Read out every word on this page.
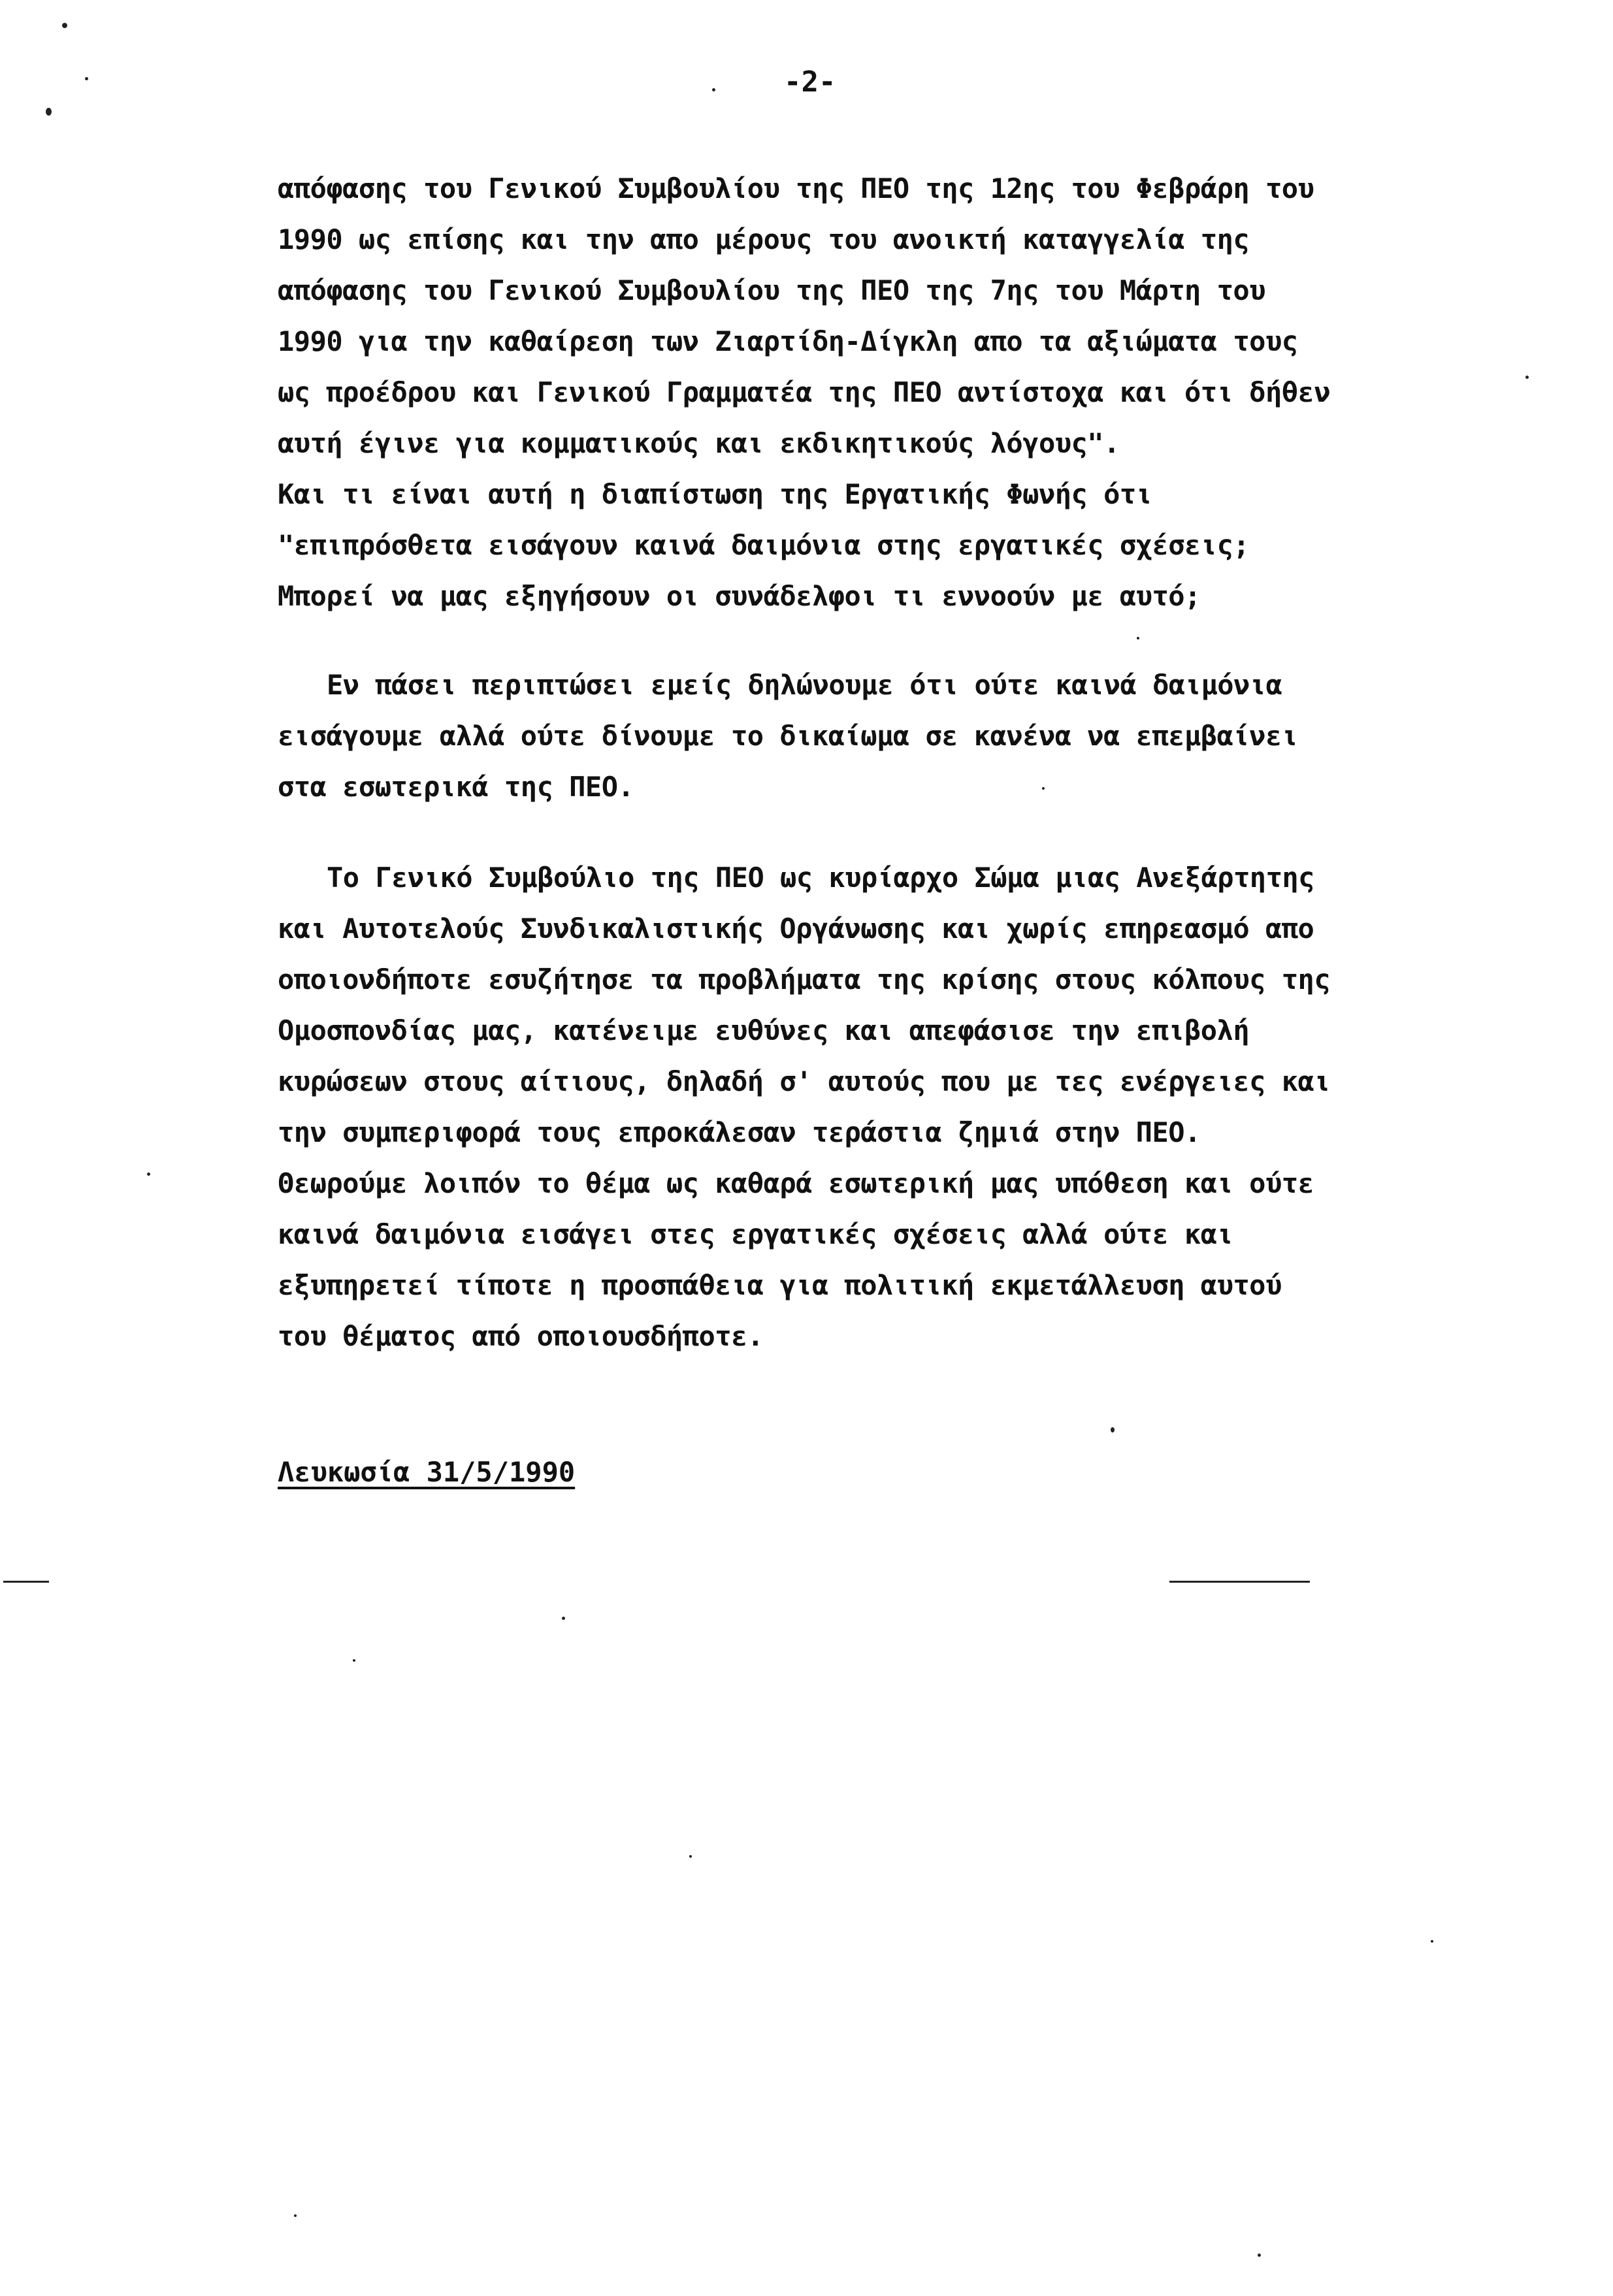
-2-
απόφασης του Γενικού Συμβουλίου της ΠΕΟ της 12ης του Φεβράρη του
1990 ως επίσης και την απο μέρους του ανοικτή καταγγελία της
απόφασης του Γενικού Συμβουλίου της ΠΕΟ της 7ης του Μάρτη του
1990 για την καθαίρεση των Ζιαρτίδη-Δίγκλη απο τα αξιώματα τους
ως προέδρου και Γενικού Γραμματέα της ΠΕΟ αντίστοχα και ότι δήθεν
αυτή έγινε για κομματικούς και εκδικητικούς λόγους".
Και τι είναι αυτή η διαπίστωση της Εργατικής Φωνής ότι
"επιπρόσθετα εισάγουν καινά δαιμόνια στης εργατικές σχέσεις;
Μπορεί να μας εξηγήσουν οι συνάδελφοι τι εννοούν με αυτό;
Εν πάσει περιπτώσει εμείς δηλώνουμε ότι ούτε καινά δαιμόνια
εισάγουμε αλλά ούτε δίνουμε το δικαίωμα σε κανένα να επεμβαίνει
στα εσωτερικά της ΠΕΟ.
Το Γενικό Συμβούλιο της ΠΕΟ ως κυρίαρχο Σώμα μιας Ανεξάρτητης
και Αυτοτελούς Συνδικαλιστικής Οργάνωσης και χωρίς επηρεασμό απο
οποιονδήποτε εσυζήτησε τα προβλήματα της κρίσης στους κόλπους της
Ομοσπονδίας μας, κατένειμε ευθύνες και απεφάσισε την επιβολή
κυρώσεων στους αίτιους, δηλαδή σ' αυτούς που με τες ενέργειες και
την συμπεριφορά τους επροκάλεσαν τεράστια ζημιά στην ΠΕΟ.
Θεωρούμε λοιπόν το θέμα ως καθαρά εσωτερική μας υπόθεση και ούτε
καινά δαιμόνια εισάγει στες εργατικές σχέσεις αλλά ούτε και
εξυπηρετεί τίποτε η προσπάθεια για πολιτική εκμετάλλευση αυτού
του θέματος από οποιουσδήποτε.
Λευκωσία 31/5/1990
